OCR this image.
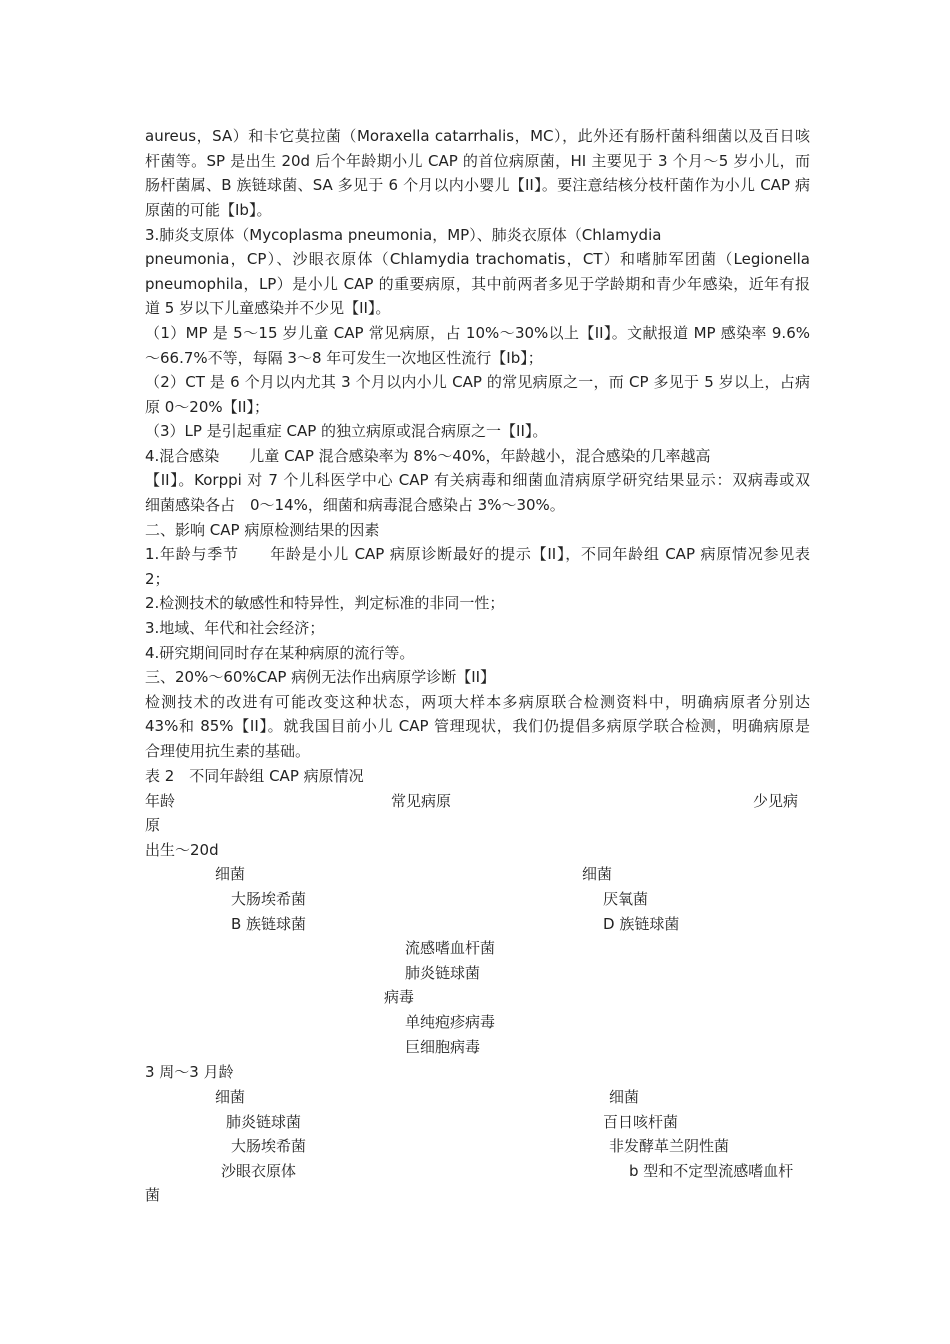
aureus，SA）和卡它莫拉菌（Moraxella catarrhalis，MC），此外还有肠杆菌科细菌以及百日咳
杆菌等。SP 是出生 20d 后个年龄期小儿 CAP 的首位病原菌，HI 主要见于 3 个月～5 岁小儿，而
肠杆菌属、B 族链球菌、SA 多见于 6 个月以内小婴儿【II】。要注意结核分枝杆菌作为小儿 CAP 病
原菌的可能【Ib】。
3.肺炎支原体（Mycoplasma pneumonia，MP）、肺炎衣原体（Chlamydia
pneumonia，CP）、沙眼衣原体（Chlamydia trachomatis，CT）和嗜肺军团菌（Legionella
pneumophila，LP）是小儿 CAP 的重要病原，其中前两者多见于学龄期和青少年感染，近年有报
道 5 岁以下儿童感染并不少见【II】。
（1）MP 是 5～15 岁儿童 CAP 常见病原，占 10%～30%以上【II】。文献报道 MP 感染率 9.6%
～66.7%不等，每隔 3～8 年可发生一次地区性流行【Ib】；
（2）CT 是 6 个月以内尤其 3 个月以内小儿 CAP 的常见病原之一，而 CP 多见于 5 岁以上，占病
原 0～20%【II】；
（3）LP 是引起重症 CAP 的独立病原或混合病原之一【II】。
4.混合感染　　儿童 CAP 混合感染率为 8%～40%，年龄越小，混合感染的几率越高
【II】。Korppi 对 7 个儿科医学中心 CAP 有关病毒和细菌血清病原学研究结果显示：双病毒或双
细菌感染各占　0～14%，细菌和病毒混合感染占 3%～30%。
二、影响 CAP 病原检测结果的因素
1.年龄与季节　　年龄是小儿 CAP 病原诊断最好的提示【II】，不同年龄组 CAP 病原情况参见表
2；
2.检测技术的敏感性和特异性，判定标准的非同一性；
3.地域、年代和社会经济；
4.研究期间同时存在某种病原的流行等。
三、20%～60%CAP 病例无法作出病原学诊断【II】
检测技术的改进有可能改变这种状态，两项大样本多病原联合检测资料中，明确病原者分别达
43%和 85%【II】。就我国目前小儿 CAP 管理现状，我们仍提倡多病原学联合检测，明确病原是
合理使用抗生素的基础。
表 2　不同年龄组 CAP 病原情况
年龄	常见病原	少见病
原
出生～20d
细菌	细菌
大肠埃希菌	厌氧菌
B 族链球菌	D 族链球菌
流感嗜血杆菌
肺炎链球菌
病毒
单纯疱疹病毒
巨细胞病毒
3 周～3 月龄
细菌	细菌
肺炎链球菌	百日咳杆菌
大肠埃希菌	非发酵革兰阴性菌
沙眼衣原体	b 型和不定型流感嗜血杆
菌
